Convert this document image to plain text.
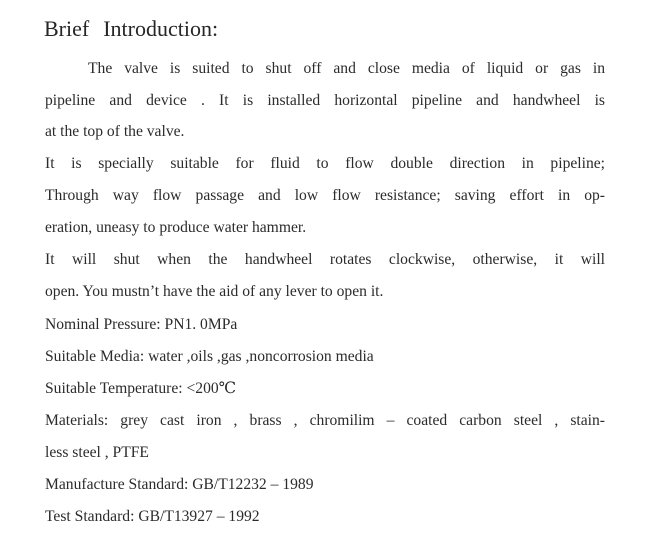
Brief Introduction:
The valve is suited to shut off and close media of liquid or gas in
pipeline and device . It is installed horizontal pipeline and handwheel is
at the top of the valve.
It is specially suitable for fluid to flow double direction in pipeline;
Through way flow passage and low flow resistance; saving effort in op-
eration, uneasy to produce water hammer.
It will shut when the handwheel rotates clockwise, otherwise, it will
open. You mustn’t have the aid of any lever to open it.
Nominal Pressure: PN1. 0MPa
Suitable Media: water ,oils ,gas ,noncorrosion media
Suitable Temperature: <200℃
Materials: grey cast iron , brass , chromilim – coated carbon steel , stain-
less steel , PTFE
Manufacture Standard: GB/T12232 – 1989
Test Standard: GB/T13927 – 1992
